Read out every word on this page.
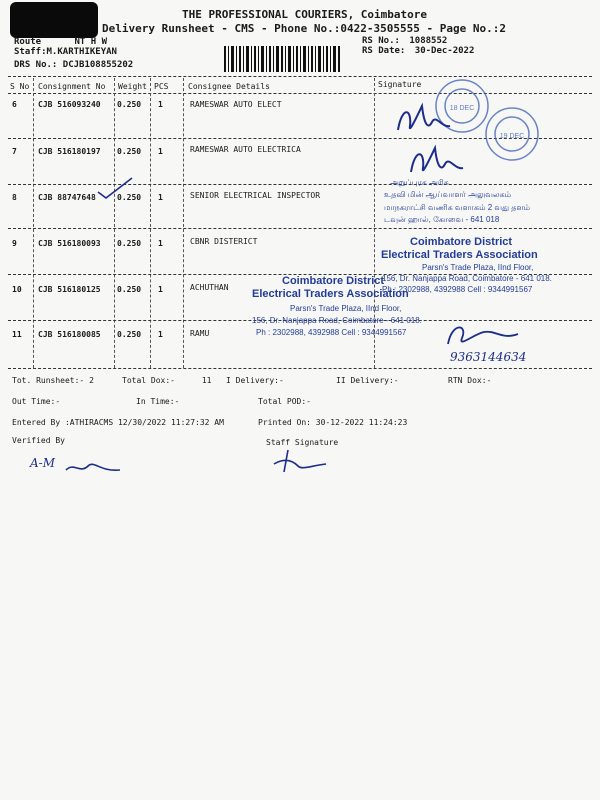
THE PROFESSIONAL COURIERS, Coimbatore
Delivery Runsheet - CMS - Phone No.:0422-3505555 - Page No.:2
Route	NT H W
Staff:M.KARTHIKEYAN
DRS No.: DCJB108855202
RS No.: 1088552
RS Date: 30-Dec-2022
S No Consignment No Weight PCS Consignee Details	Signature
6	CJB 516093240 0.250 1	RAMESWAR AUTO ELECT
7	CJB 516180197 0.250 1	RAMESWAR AUTO ELECTRICA
8	CJB 88747648	0.250 1	SENIOR ELECTRICAL INSPECTOR
9	CJB 516180093 0.250 1	CBNR DISTERICT
10 CJB 516180125 0.250 1	ACHUTHAN
11 CJB 516180085 0.250 1	RAMU
18 DEC
19 DEC
அறுப்புரக அரிசு
உதவி மின் ஆய்வாளர் அலுவலகம்
மாநகராட்சி வணிக வளாகம் 2 வது தளம்
டவுன் ஹால், கோவை - 641 018
Coimbatore District
Electrical Traders Association
Parsn's Trade Plaza, IInd Floor,
156, Dr. Nanjappa Road, Coimbatore - 641 018.
Ph : 2302988, 4392988 Cell : 9344991567
Coimbatore District
Electrical Traders Association
Parsn's Trade Plaza, IInd Floor,
156, Dr. Nanjappa Road, Coimbatore - 641 018.
Ph : 2302988, 4392988 Cell : 9344991567
9363144634
Tot. Runsheet:- 2	Total Dox:-	11 I Delivery:-	II Delivery:-	RTN Dox:-
Out Time:-	In Time:-	Total POD:-
Entered By :ATHIRACMS 12/30/2022 11:27:32 AM	Printed On: 30-12-2022 11:24:23
Verified By	Staff Signature
A-M
